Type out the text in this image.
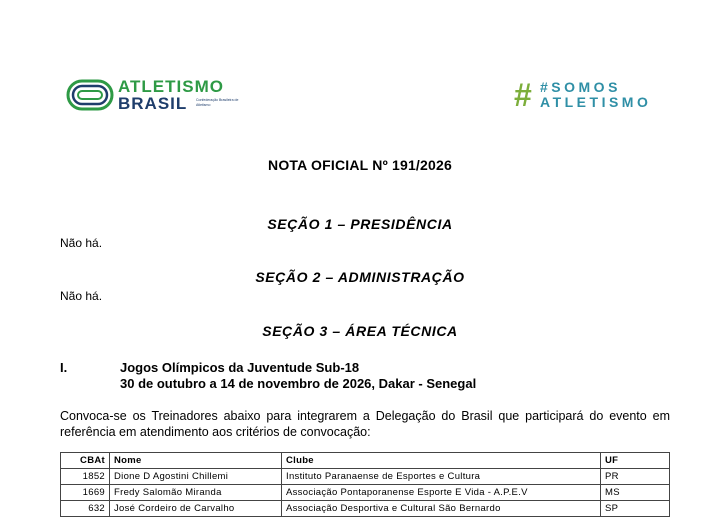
ATLETISMO
BRASIL Confederação Brasileira de Atletismo	# #SOMOS
ATLETISMO
NOTA OFICIAL Nº 191/2026
SEÇÃO 1 – PRESIDÊNCIA
Não há.
SEÇÃO 2 – ADMINISTRAÇÃO
Não há.
SEÇÃO 3 – ÁREA TÉCNICA
I.	Jogos Olímpicos da Juventude Sub-18
30 de outubro a 14 de novembro de 2026, Dakar - Senegal
Convoca-se os Treinadores abaixo para integrarem a Delegação do Brasil que participará do evento em referência em atendimento aos critérios de convocação:
CBAt	Nome	Clube	UF
1852	Dione D Agostini Chillemi	Instituto Paranaense de Esportes e Cultura	PR
1669	Fredy Salomão Miranda	Associação Pontaporanense Esporte E Vida - A.P.E.V	MS
632	José Cordeiro de Carvalho	Associação Desportiva e Cultural São Bernardo	SP
